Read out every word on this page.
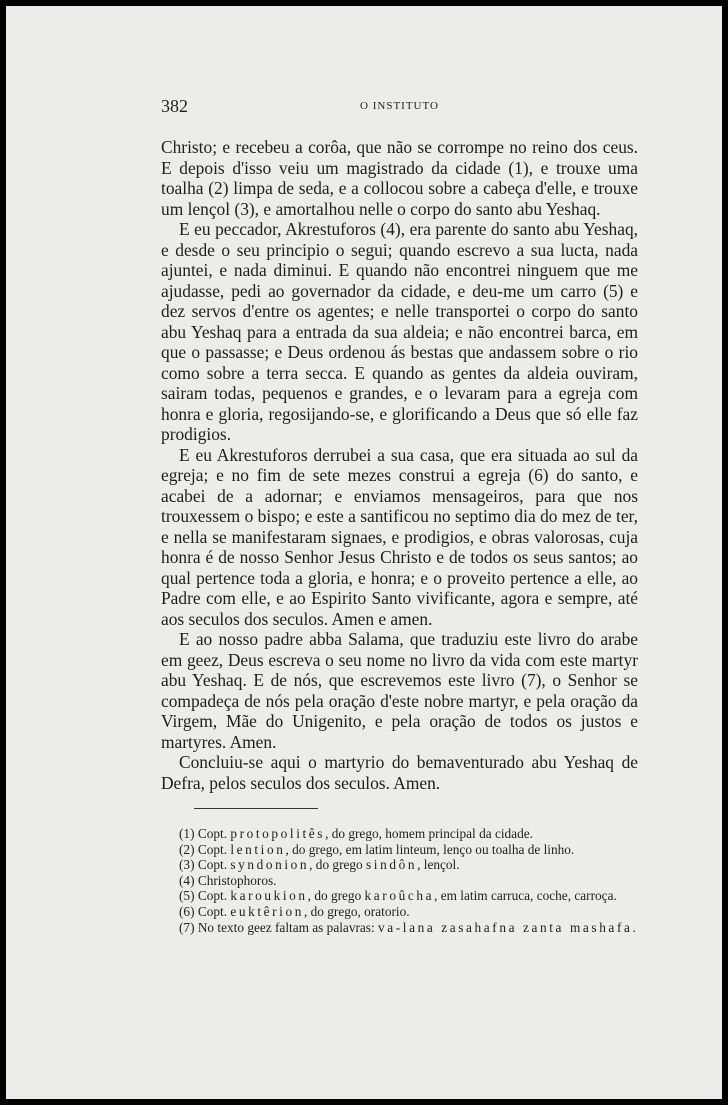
382	O INSTITUTO

Christo; e recebeu a corôa, que não se corrompe no reino dos ceus. E depois d'isso veiu um magistrado da cidade (1), e trouxe uma toalha (2) limpa de seda, e a collocou sobre a cabeça d'elle, e trouxe um lençol (3), e amortalhou nelle o corpo do santo abu Yeshaq.

E eu peccador, Akrestuforos (4), era parente do santo abu Yeshaq, e desde o seu principio o segui; quando escrevo a sua lucta, nada ajuntei, e nada diminui. E quando não encontrei ninguem que me ajudasse, pedi ao governador da cidade, e deu-me um carro (5) e dez servos d'entre os agentes; e nelle transportei o corpo do santo abu Yeshaq para a entrada da sua aldeia; e não encontrei barca, em que o passasse; e Deus ordenou ás bestas que andassem sobre o rio como sobre a terra secca. E quando as gentes da aldeia ouviram, sairam todas, pequenos e grandes, e o levaram para a egreja com honra e gloria, regosijando-se, e glorificando a Deus que só elle faz prodigios.

E eu Akrestuforos derrubei a sua casa, que era situada ao sul da egreja; e no fim de sete mezes construi a egreja (6) do santo, e acabei de a adornar; e enviamos mensageiros, para que nos trouxessem o bispo; e este a santificou no septimo dia do mez de ter, e nella se manifestaram signaes, e prodigios, e obras valorosas, cuja honra é de nosso Senhor Jesus Christo e de todos os seus santos; ao qual pertence toda a gloria, e honra; e o proveito pertence a elle, ao Padre com elle, e ao Espirito Santo vivificante, agora e sempre, até aos seculos dos seculos. Amen e amen.

E ao nosso padre abba Salama, que traduziu este livro do arabe em geez, Deus escreva o seu nome no livro da vida com este martyr abu Yeshaq. E de nós, que escrevemos este livro (7), o Senhor se compadeça de nós pela oração d'este nobre martyr, e pela oração da Virgem, Mãe do Unigenito, e pela oração de todos os justos e martyres. Amen.

Concluiu-se aqui o martyrio do bemaventurado abu Yeshaq de Defra, pelos seculos dos seculos. Amen.

(1) Copt. protopolitês, do grego, homem principal da cidade.

(2) Copt. lention, do grego, em latim linteum, lenço ou toalha de linho.

(3) Copt. syndonion, do grego sindôn, lençol.

(4) Christophoros.

(5) Copt. karoukion, do grego karoûcha, em latim carruca, coche, carroça.

(6) Copt. euktêrion, do grego, oratorio.

(7) No texto geez faltam as palavras: va-lana zasahafna zanta mashafa.
